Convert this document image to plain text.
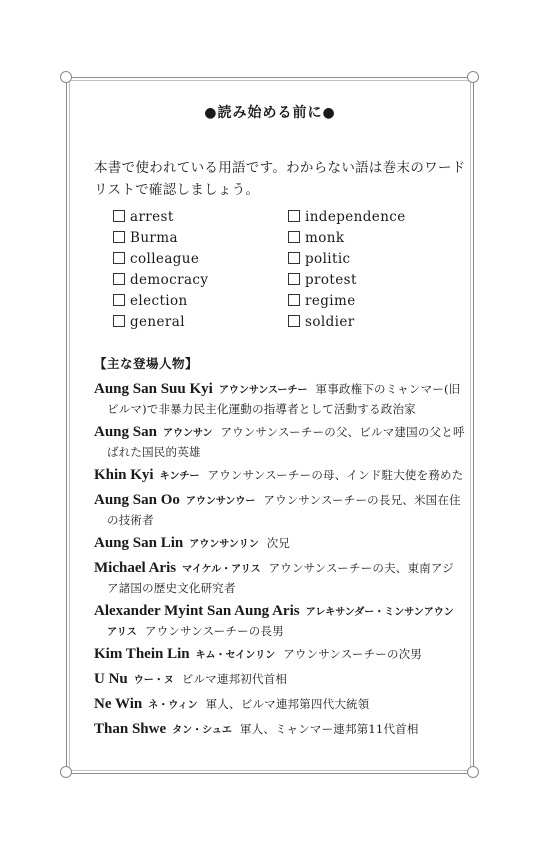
●読み始める前に●
本書で使われている用語です。わからない語は巻末のワード
リストで確認しましょう。
arrest
Burma
colleague
democracy
election
general
independence
monk
politic
protest
regime
soldier
【主な登場人物】
Aung San Suu Kyi アウンサンスーチー 軍事政権下のミャンマー(旧
ビルマ)で非暴力民主化運動の指導者として活動する政治家
Aung San アウンサン アウンサンスーチーの父、ビルマ建国の父と呼
ばれた国民的英雄
Khin Kyi キンチー アウンサンスーチーの母、インド駐大使を務めた
Aung San Oo アウンサンウー アウンサンスーチーの長兄、米国在住
の技術者
Aung San Lin アウンサンリン 次兄
Michael Aris マイケル・アリス アウンサンスーチーの夫、東南アジ
ア諸国の歴史文化研究者
Alexander Myint San Aung Aris アレキサンダー・ミンサンアウン
アリス アウンサンスーチーの長男
Kim Thein Lin キム・セインリン アウンサンスーチーの次男
U Nu ウー・ヌ ビルマ連邦初代首相
Ne Win ネ・ウィン 軍人、ビルマ連邦第四代大統領
Than Shwe タン・シュエ 軍人、ミャンマー連邦第11代首相
